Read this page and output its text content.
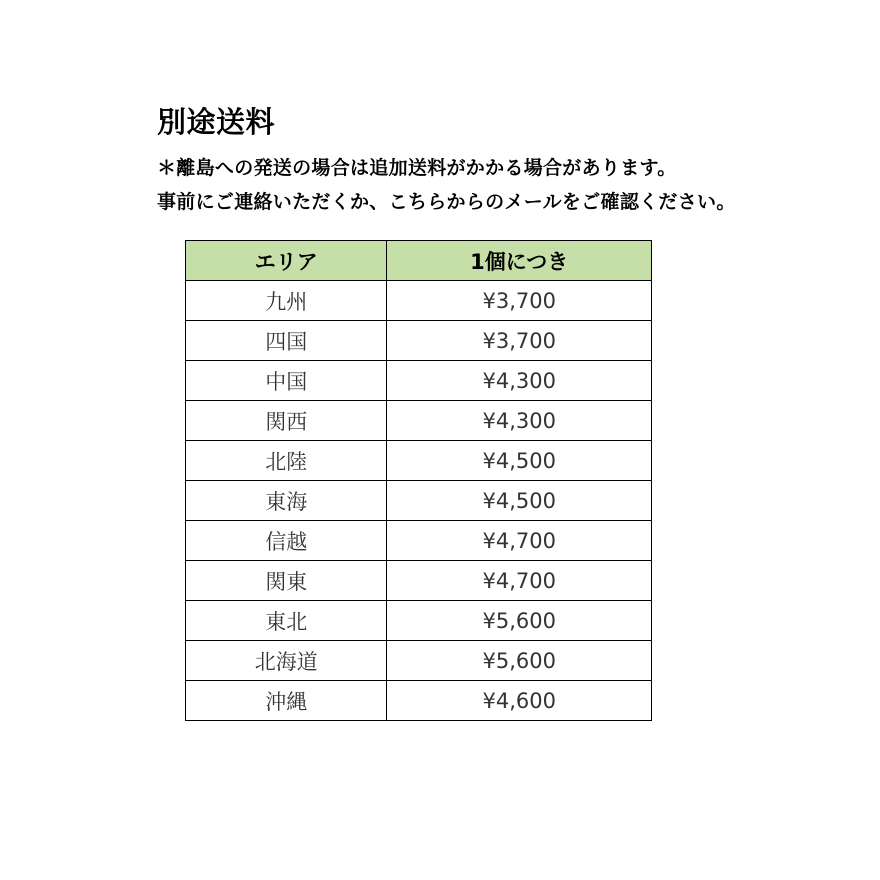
別途送料
＊離島への発送の場合は追加送料がかかる場合があります。
事前にご連絡いただくか、こちらからのメールをご確認ください。
エリア	1個につき
九州	¥3,700
四国	¥3,700
中国	¥4,300
関西	¥4,300
北陸	¥4,500
東海	¥4,500
信越	¥4,700
関東	¥4,700
東北	¥5,600
北海道	¥5,600
沖縄	¥4,600
